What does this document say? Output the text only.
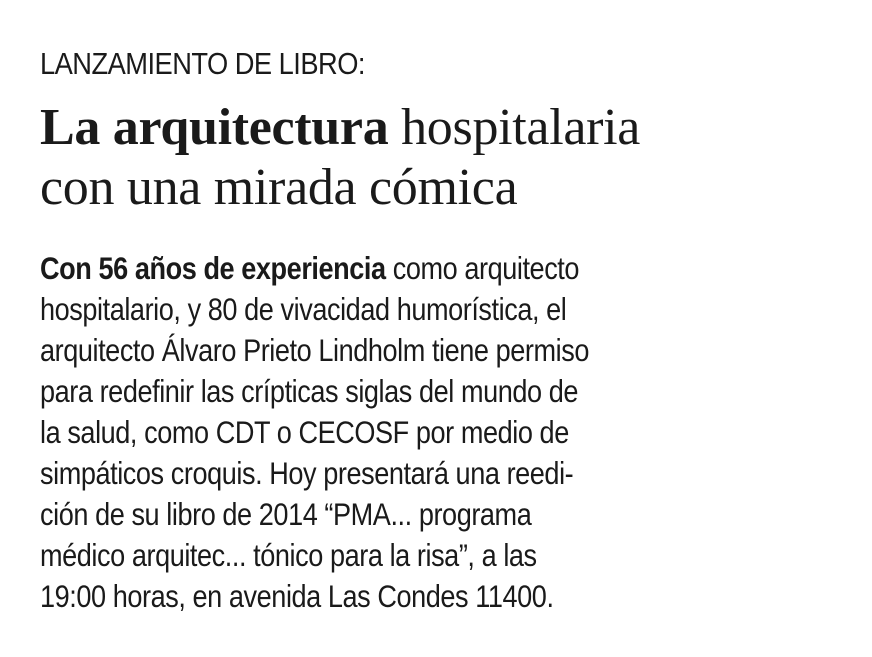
LANZAMIENTO DE LIBRO:

La arquitectura hospitalaria
con una mirada cómica
Con 56 años de experiencia como arquitecto
hospitalario, y 80 de vivacidad humorística, el
arquitecto Álvaro Prieto Lindholm tiene permiso
para redefinir las crípticas siglas del mundo de
la salud, como CDT o CECOSF por medio de
simpáticos croquis. Hoy presentará una reedi-
ción de su libro de 2014 “PMA... programa
médico arquitec... tónico para la risa”, a las
19:00 horas, en avenida Las Condes 11400.
